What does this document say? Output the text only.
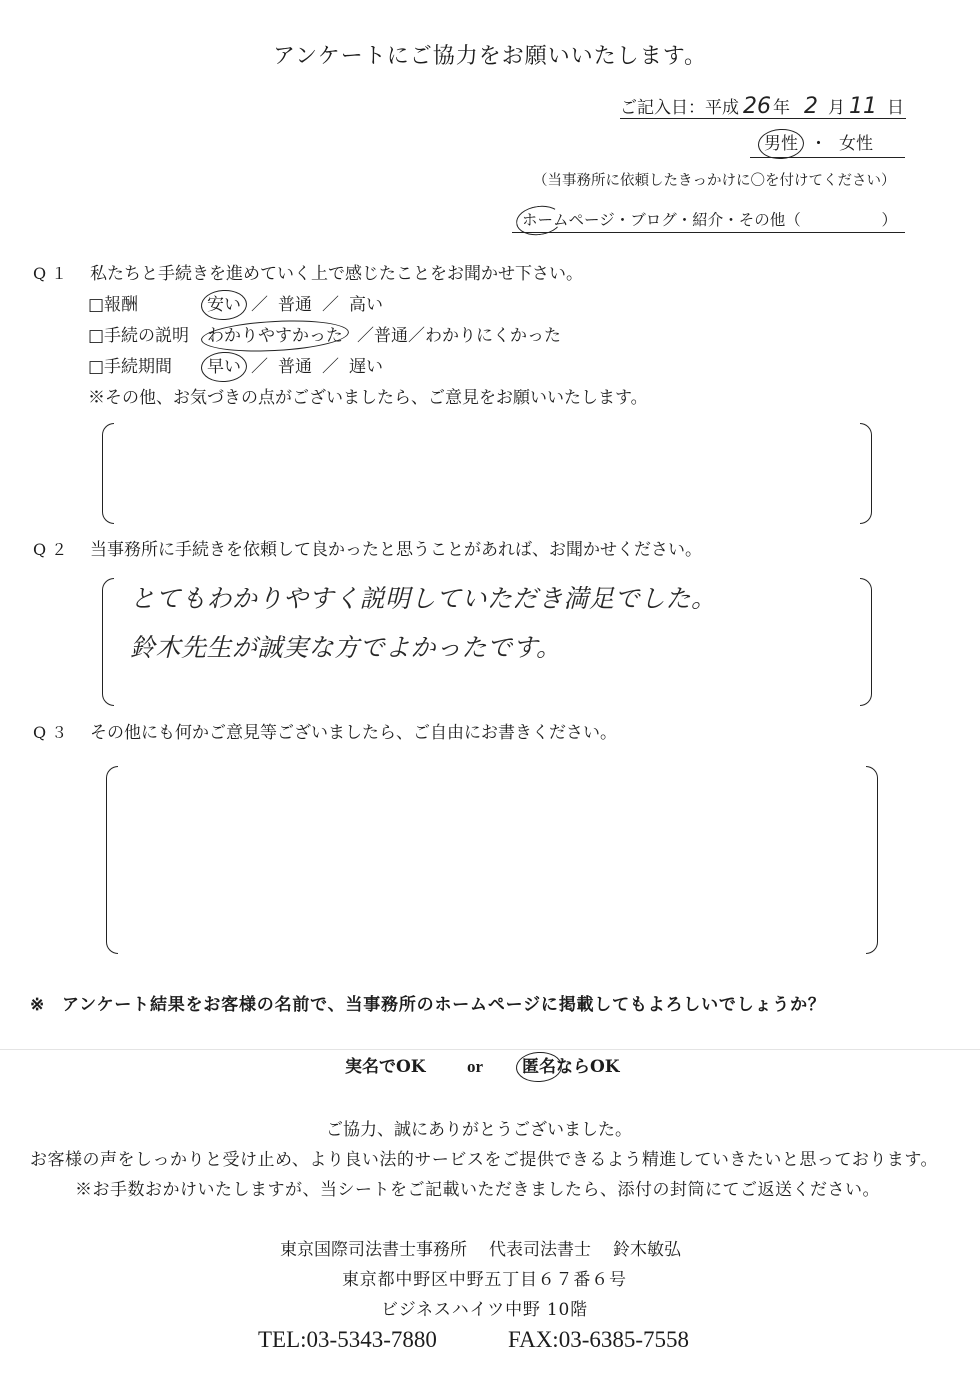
アンケートにご協力をお願いいたします。
ご記入日：平成 26 年 2 月 11 日
男性 ・ 女性
（当事務所に依頼したきっかけに〇を付けてください）
ホームページ ・ ブログ ・ 紹介 ・ その他 （	）
Q１ 私たちと手続きを進めていく上で感じたことをお聞かせ下さい。
□報酬	安い ／ 普通 ／ 高い
□手続の説明 わかりやすかった ／ 普通 ／ わかりにくかった
□手続期間 早い ／ 普通 ／ 遅い
※その他、お気づきの点がございましたら、ご意見をお願いいたします。
Q２ 当事務所に手続きを依頼して良かったと思うことがあれば、お聞かせください。
とてもわかりやすく説明していただき満足でした。
鈴木先生が誠実な方でよかったです。
Q３ その他にも何かご意見等ございましたら、ご自由にお書きください。
※ アンケート結果をお客様の名前で、当事務所のホームページに掲載してもよろしいでしょうか？
実名でOK or 匿名ならOK
ご協力、誠にありがとうございました。
お客様の声をしっかりと受け止め、より良い法的サービスをご提供できるよう精進していきたいと思っております。
※お手数おかけいたしますが、当シートをご記載いただきましたら、添付の封筒にてご返送ください。
東京国際司法書士事務所 代表司法書士 鈴木敏弘
東京都中野区中野五丁目６７番６号
ビジネスハイツ中野 10階
TEL:03-5343-7880	FAX:03-6385-7558
